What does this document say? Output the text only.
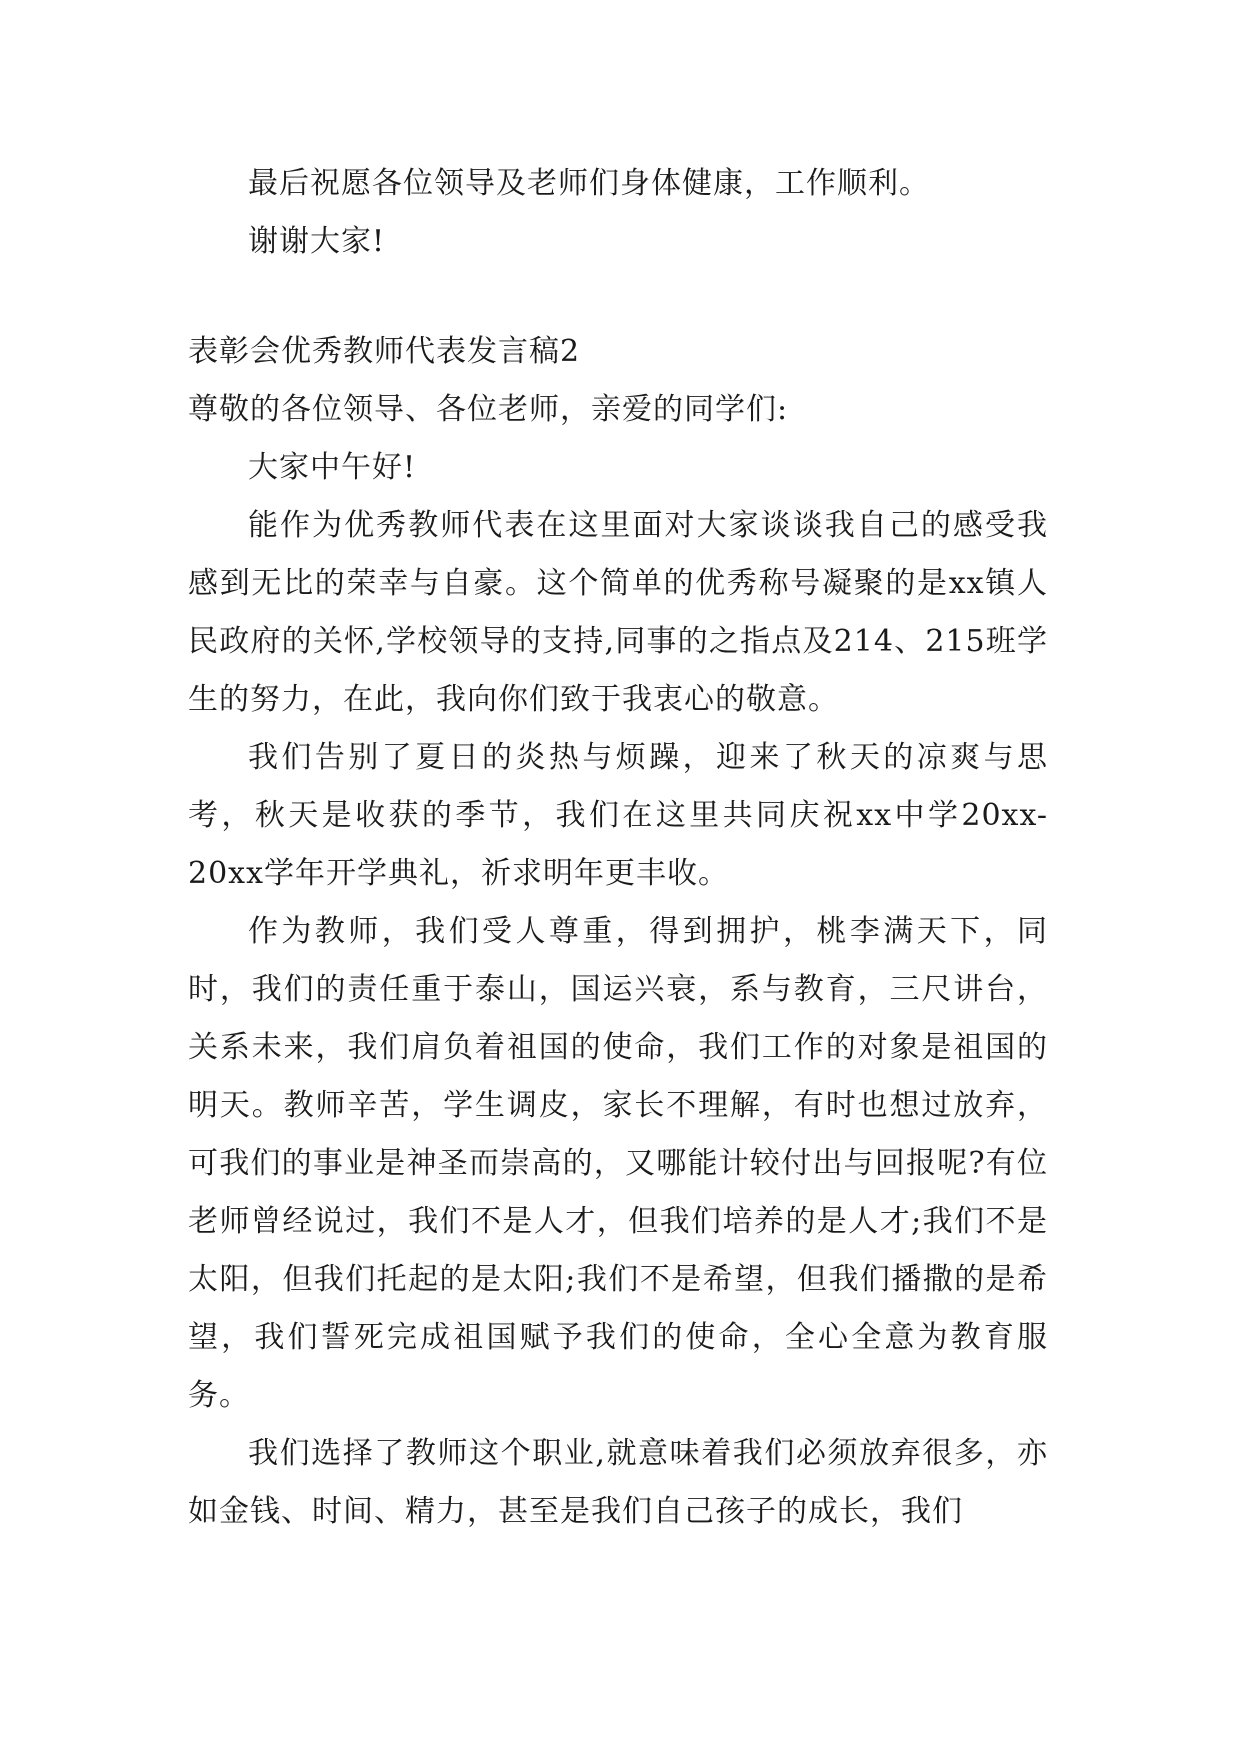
最后祝愿各位领导及老师们身体健康，工作顺利。

谢谢大家!

表彰会优秀教师代表发言稿2

尊敬的各位领导、各位老师，亲爱的同学们:

大家中午好!

能作为优秀教师代表在这里面对大家谈谈我自己的感受我感到无比的荣幸与自豪。这个简单的优秀称号凝聚的是xx镇人民政府的关怀,学校领导的支持,同事的之指点及214、215班学生的努力，在此，我向你们致于我衷心的敬意。

我们告别了夏日的炎热与烦躁，迎来了秋天的凉爽与思考，秋天是收获的季节，我们在这里共同庆祝xx中学20xx-20xx学年开学典礼，祈求明年更丰收。

作为教师，我们受人尊重，得到拥护，桃李满天下，同时，我们的责任重于泰山，国运兴衰，系与教育，三尺讲台，关系未来，我们肩负着祖国的使命，我们工作的对象是祖国的明天。教师辛苦，学生调皮，家长不理解，有时也想过放弃，可我们的事业是神圣而崇高的，又哪能计较付出与回报呢?有位老师曾经说过，我们不是人才，但我们培养的是人才;我们不是太阳，但我们托起的是太阳;我们不是希望，但我们播撒的是希望，我们誓死完成祖国赋予我们的使命，全心全意为教育服务。

我们选择了教师这个职业,就意味着我们必须放弃很多，亦如金钱、时间、精力，甚至是我们自己孩子的成长，我们
